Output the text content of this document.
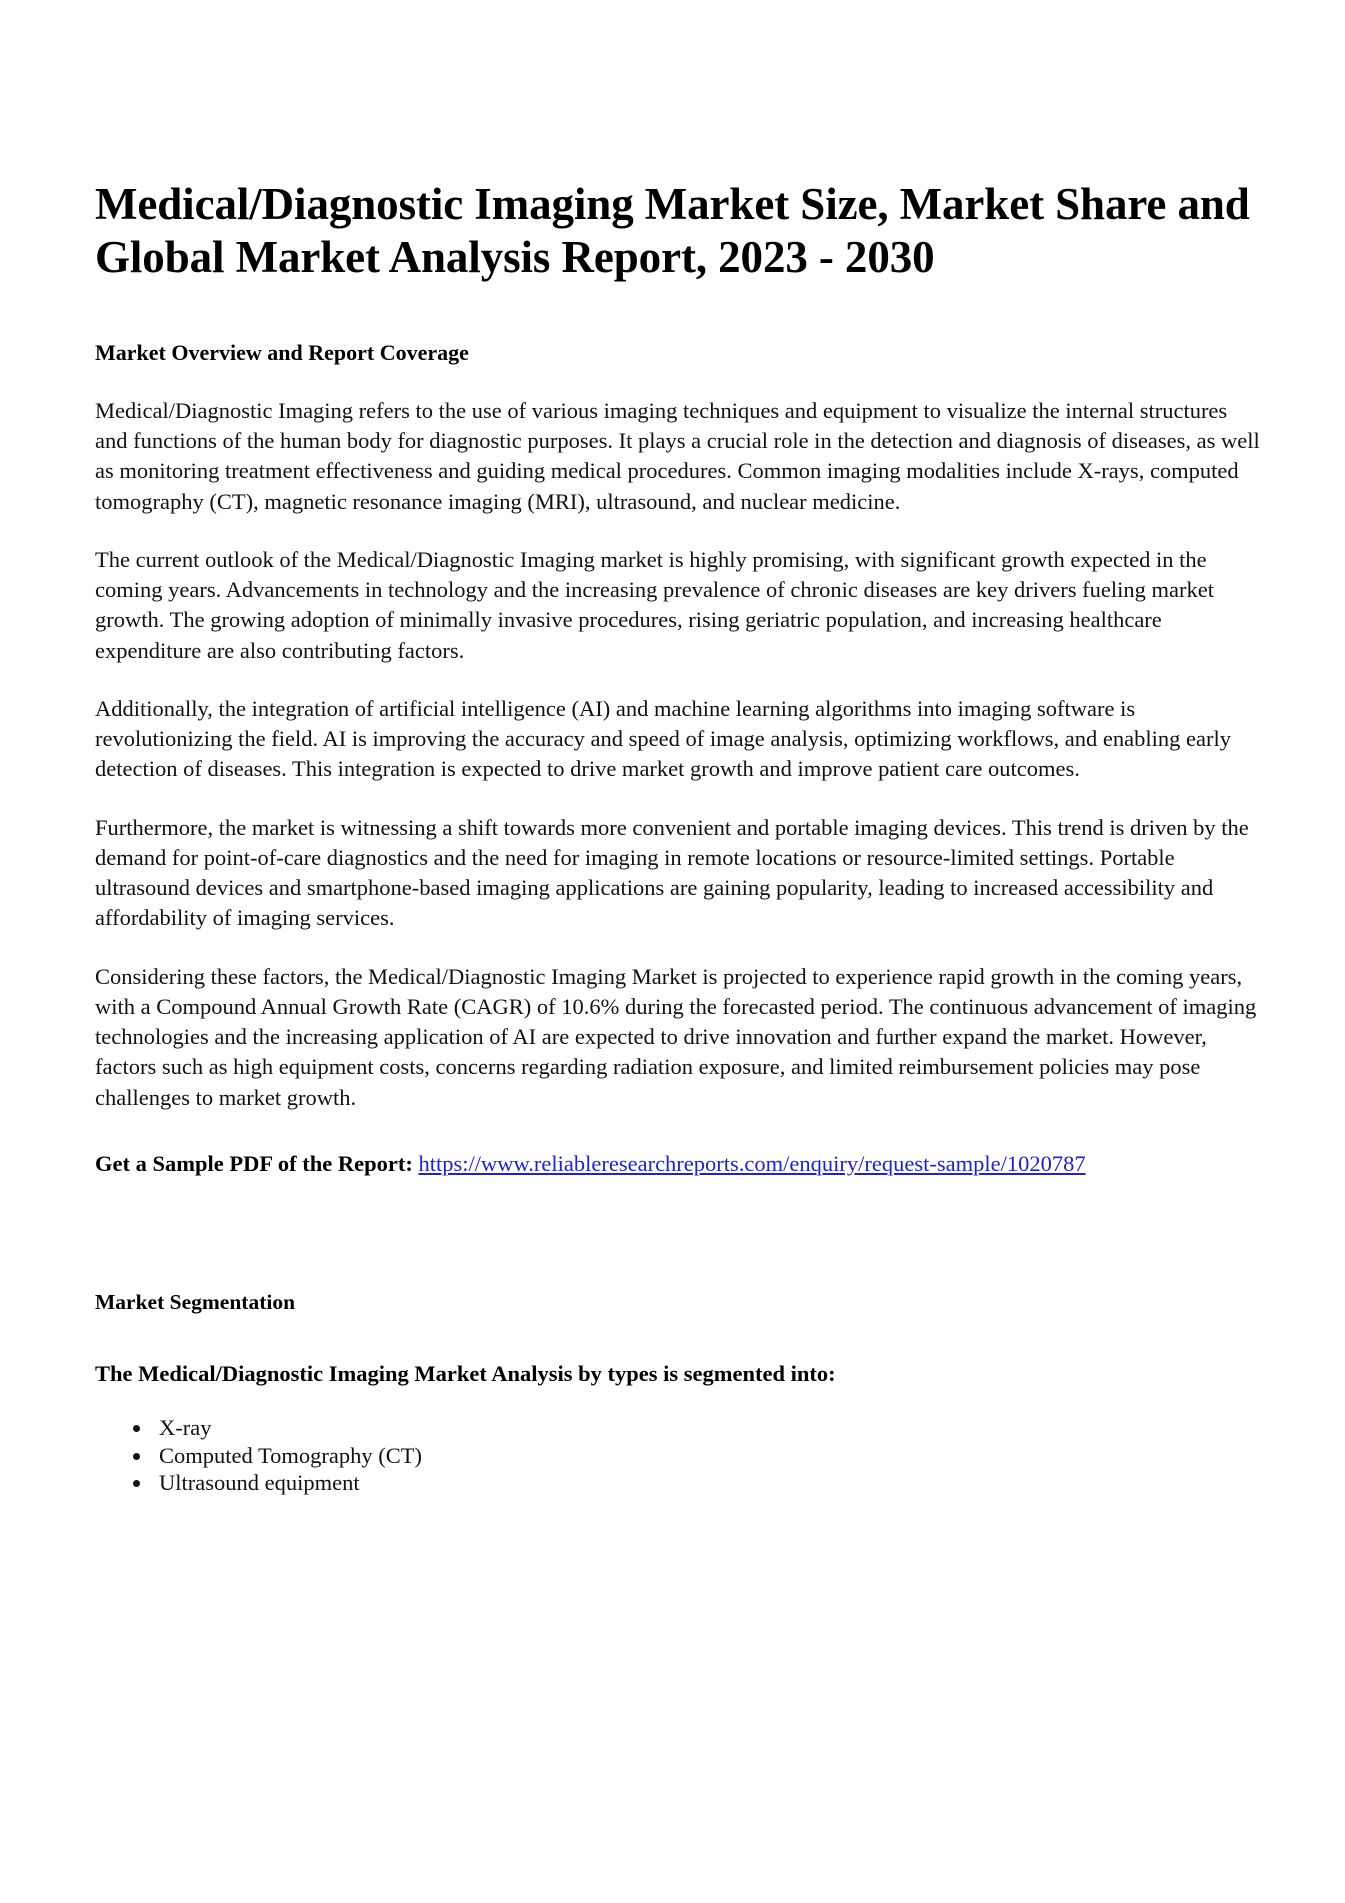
Medical/Diagnostic Imaging Market Size, Market Share and Global Market Analysis Report, 2023 - 2030
Market Overview and Report Coverage

Medical/Diagnostic Imaging refers to the use of various imaging techniques and equipment to visualize the internal structures and functions of the human body for diagnostic purposes. It plays a crucial role in the detection and diagnosis of diseases, as well as monitoring treatment effectiveness and guiding medical procedures. Common imaging modalities include X-rays, computed tomography (CT), magnetic resonance imaging (MRI), ultrasound, and nuclear medicine.

The current outlook of the Medical/Diagnostic Imaging market is highly promising, with significant growth expected in the coming years. Advancements in technology and the increasing prevalence of chronic diseases are key drivers fueling market growth. The growing adoption of minimally invasive procedures, rising geriatric population, and increasing healthcare expenditure are also contributing factors.

Additionally, the integration of artificial intelligence (AI) and machine learning algorithms into imaging software is revolutionizing the field. AI is improving the accuracy and speed of image analysis, optimizing workflows, and enabling early detection of diseases. This integration is expected to drive market growth and improve patient care outcomes.

Furthermore, the market is witnessing a shift towards more convenient and portable imaging devices. This trend is driven by the demand for point-of-care diagnostics and the need for imaging in remote locations or resource-limited settings. Portable ultrasound devices and smartphone-based imaging applications are gaining popularity, leading to increased accessibility and affordability of imaging services.

Considering these factors, the Medical/Diagnostic Imaging Market is projected to experience rapid growth in the coming years, with a Compound Annual Growth Rate (CAGR) of 10.6% during the forecasted period. The continuous advancement of imaging technologies and the increasing application of AI are expected to drive innovation and further expand the market. However, factors such as high equipment costs, concerns regarding radiation exposure, and limited reimbursement policies may pose challenges to market growth.

Get a Sample PDF of the Report: https://www.reliableresearchreports.com/enquiry/request-sample/1020787

Market Segmentation

The Medical/Diagnostic Imaging Market Analysis by types is segmented into:

• X-ray
• Computed Tomography (CT)
• Ultrasound equipment
